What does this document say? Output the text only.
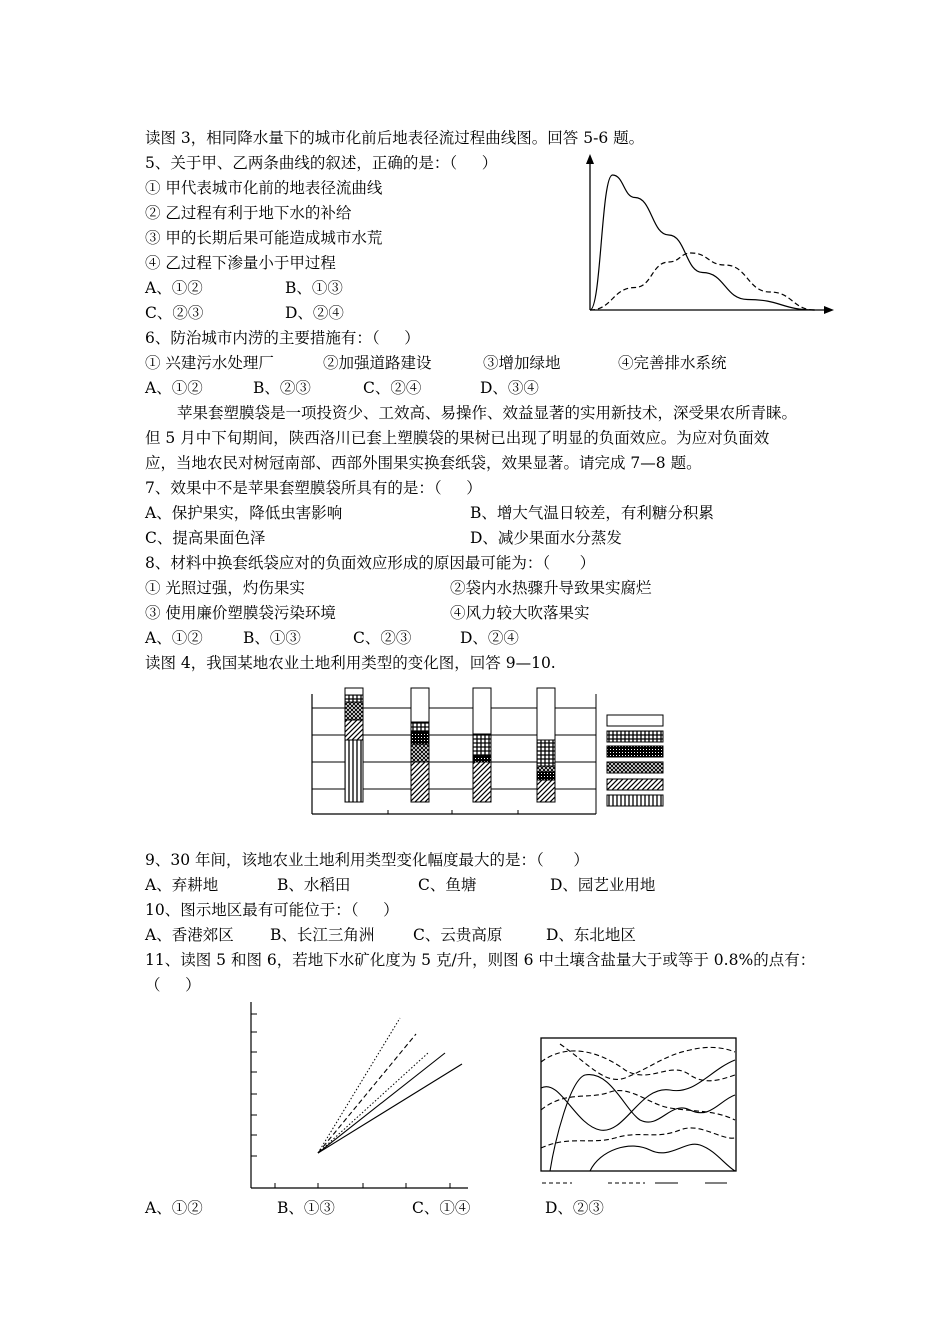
读图 3，相同降水量下的城市化前后地表径流过程曲线图。回答 5-6 题。
5、关于甲、乙两条曲线的叙述，正确的是：（     ）
① 甲代表城市化前的地表径流曲线
② 乙过程有利于地下水的补给
③ 甲的长期后果可能造成城市水荒
④ 乙过程下渗量小于甲过程
A、①②	B、①③
C、②③	D、②④
6、防治城市内涝的主要措施有：（     ）
① 兴建污水处理厂	②加强道路建设	③增加绿地	④完善排水系统
A、①②	B、②③	C、②④	D、③④
苹果套塑膜袋是一项投资少、工效高、易操作、效益显著的实用新技术，深受果农所青睐。
但 5 月中下旬期间，陕西洛川已套上塑膜袋的果树已出现了明显的负面效应。为应对负面效
应，当地农民对树冠南部、西部外围果实换套纸袋，效果显著。请完成 7—8 题。
7、效果中不是苹果套塑膜袋所具有的是：（     ）
A、保护果实，降低虫害影响	B、增大气温日较差，有利糖分积累
C、提高果面色泽	D、减少果面水分蒸发
8、材料中换套纸袋应对的负面效应形成的原因最可能为：（      ）
① 光照过强，灼伤果实	②袋内水热骤升导致果实腐烂
③ 使用廉价塑膜袋污染环境	④风力较大吹落果实
A、①②	B、①③	C、②③	D、②④
读图 4，我国某地农业土地利用类型的变化图，回答 9—10.
9、30 年间，该地农业土地利用类型变化幅度最大的是：（      ）
A、弃耕地	B、水稻田	C、鱼塘	D、园艺业用地
10、图示地区最有可能位于：（     ）
A、香港郊区 B、长江三角洲 C、云贵高原	D、东北地区
11、读图 5 和图 6，若地下水矿化度为 5 克/升，则图 6 中土壤含盐量大于或等于 0.8%的点有：
（     ）
A、①②	B、①③	C、①④	D、②③
